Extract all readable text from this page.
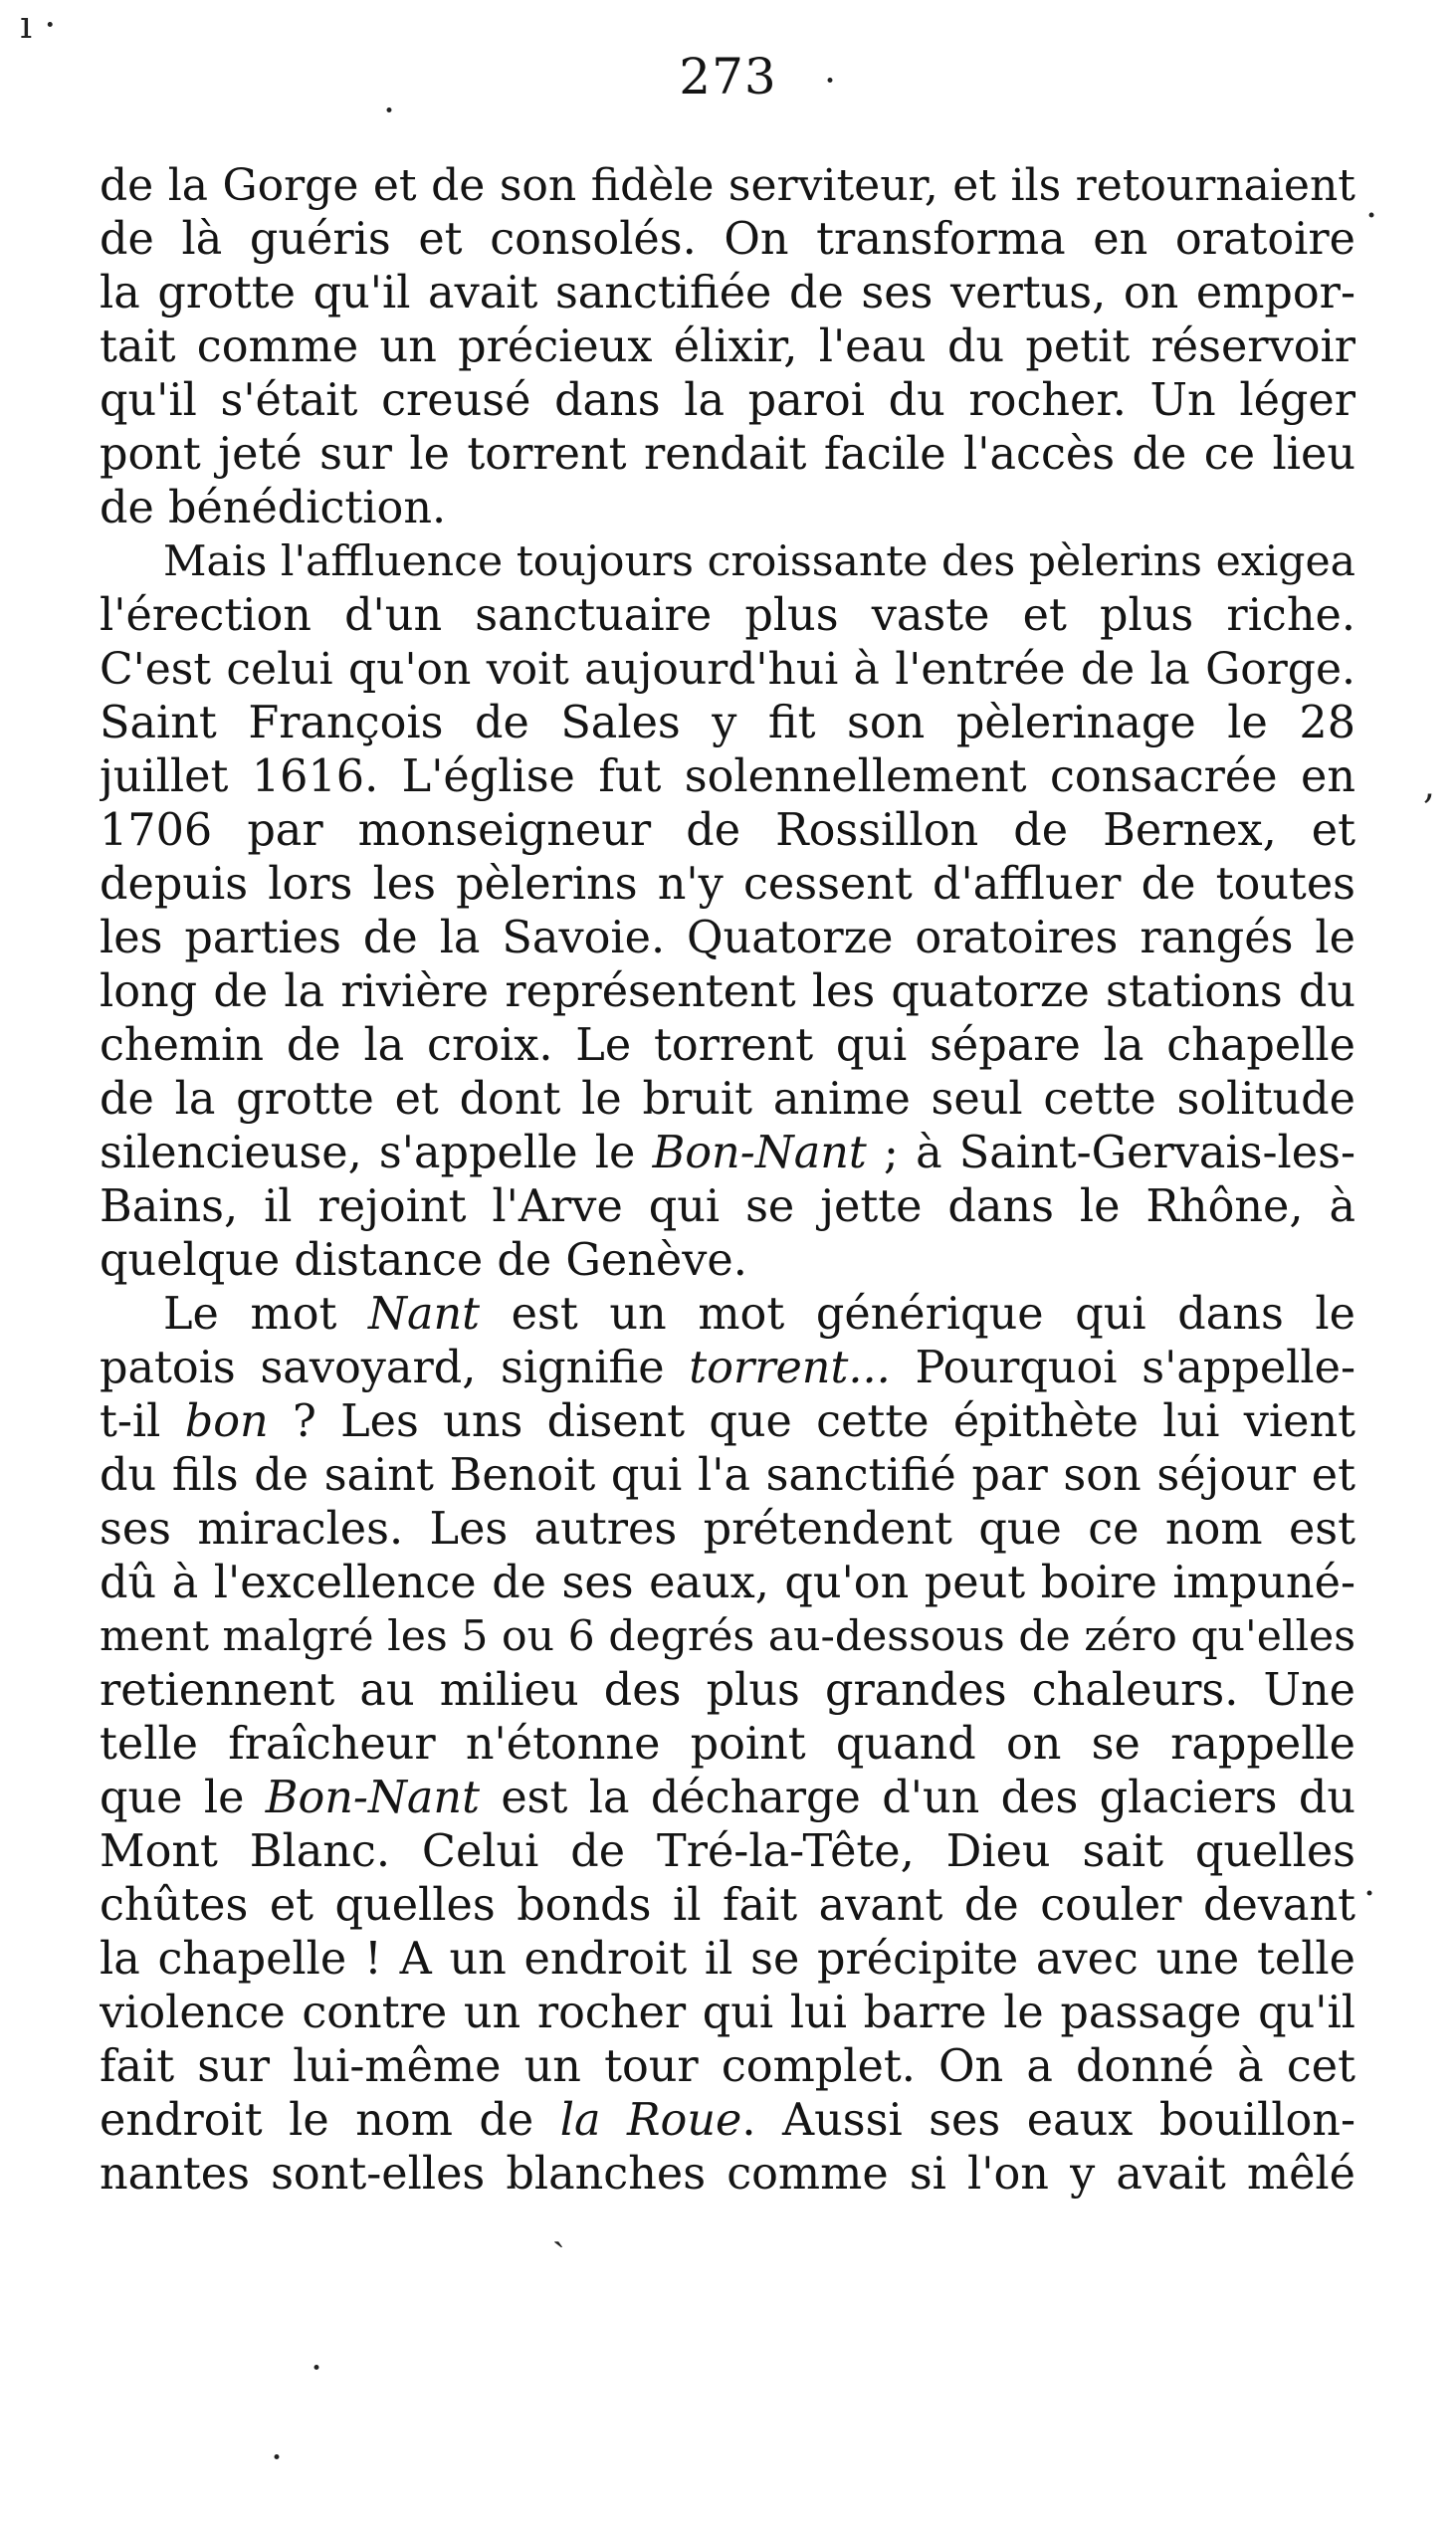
ı ·
·
·
.
,
.
ˎ
·
·
273
de la Gorge et de son fidèle serviteur, et ils retournaient
de là guéris et consolés. On transforma en oratoire
la grotte qu'il avait sanctifiée de ses vertus, on empor-
tait comme un précieux élixir, l'eau du petit réservoir
qu'il s'était creusé dans la paroi du rocher. Un léger
pont jeté sur le torrent rendait facile l'accès de ce lieu
de bénédiction.
Mais l'affluence toujours croissante des pèlerins exigea
l'érection d'un sanctuaire plus vaste et plus riche.
C'est celui qu'on voit aujourd'hui à l'entrée de la Gorge.
Saint François de Sales y fit son pèlerinage le 28
juillet 1616. L'église fut solennellement consacrée en
1706 par monseigneur de Rossillon de Bernex, et
depuis lors les pèlerins n'y cessent d'affluer de toutes
les parties de la Savoie. Quatorze oratoires rangés le
long de la rivière représentent les quatorze stations du
chemin de la croix. Le torrent qui sépare la chapelle
de la grotte et dont le bruit anime seul cette solitude
silencieuse, s'appelle le Bon-Nant ; à Saint-Gervais-les-
Bains, il rejoint l'Arve qui se jette dans le Rhône, à
quelque distance de Genève.
Le mot Nant est un mot générique qui dans le
patois savoyard, signifie torrent... Pourquoi s'appelle-
t-il bon ? Les uns disent que cette épithète lui vient
du fils de saint Benoit qui l'a sanctifié par son séjour et
ses miracles. Les autres prétendent que ce nom est
dû à l'excellence de ses eaux, qu'on peut boire impuné-
ment malgré les 5 ou 6 degrés au-dessous de zéro qu'elles
retiennent au milieu des plus grandes chaleurs. Une
telle fraîcheur n'étonne point quand on se rappelle
que le Bon-Nant est la décharge d'un des glaciers du
Mont Blanc. Celui de Tré-la-Tête, Dieu sait quelles
chûtes et quelles bonds il fait avant de couler devant
la chapelle ! A un endroit il se précipite avec une telle
violence contre un rocher qui lui barre le passage qu'il
fait sur lui-même un tour complet. On a donné à cet
endroit le nom de la Roue. Aussi ses eaux bouillon-
nantes sont-elles blanches comme si l'on y avait mêlé
